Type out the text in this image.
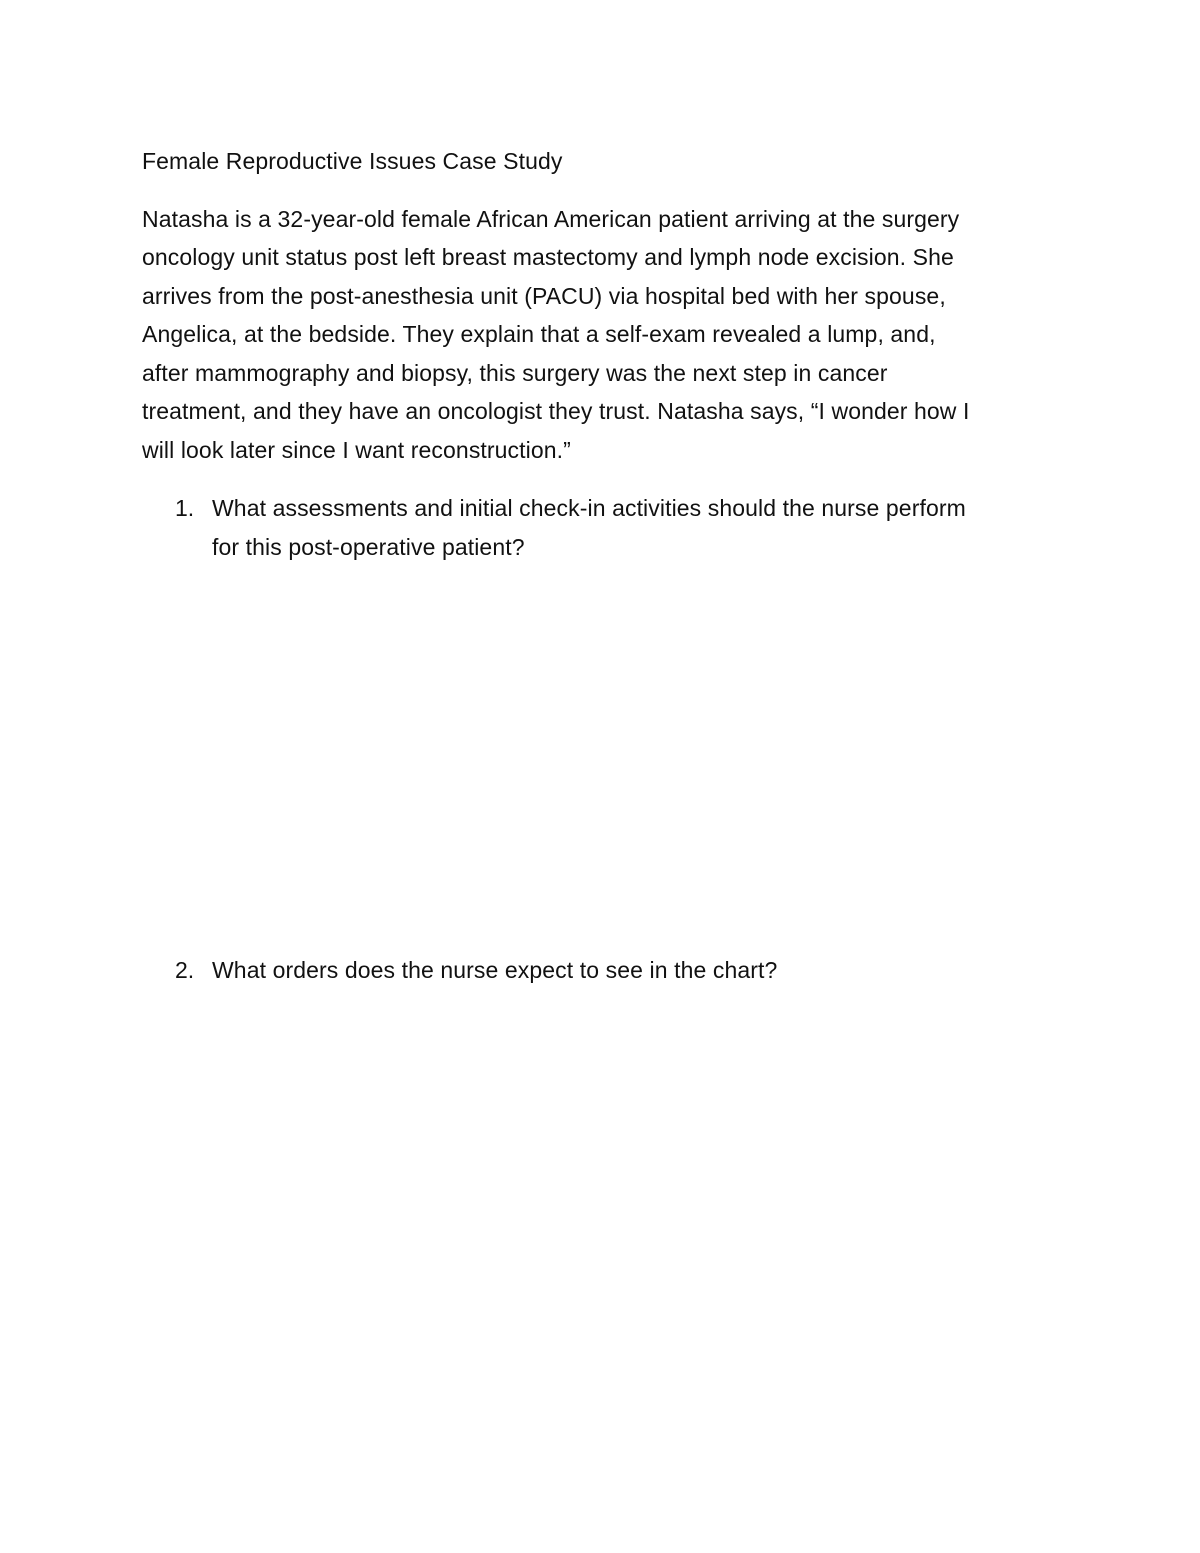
Female Reproductive Issues Case Study
Natasha is a 32-year-old female African American patient arriving at the surgery
oncology unit status post left breast mastectomy and lymph node excision. She
arrives from the post-anesthesia unit (PACU) via hospital bed with her spouse,
Angelica, at the bedside. They explain that a self-exam revealed a lump, and,
after mammography and biopsy, this surgery was the next step in cancer
treatment, and they have an oncologist they trust. Natasha says, “I wonder how I
will look later since I want reconstruction.”
1. What assessments and initial check-in activities should the nurse perform
for this post-operative patient?
2. What orders does the nurse expect to see in the chart?
